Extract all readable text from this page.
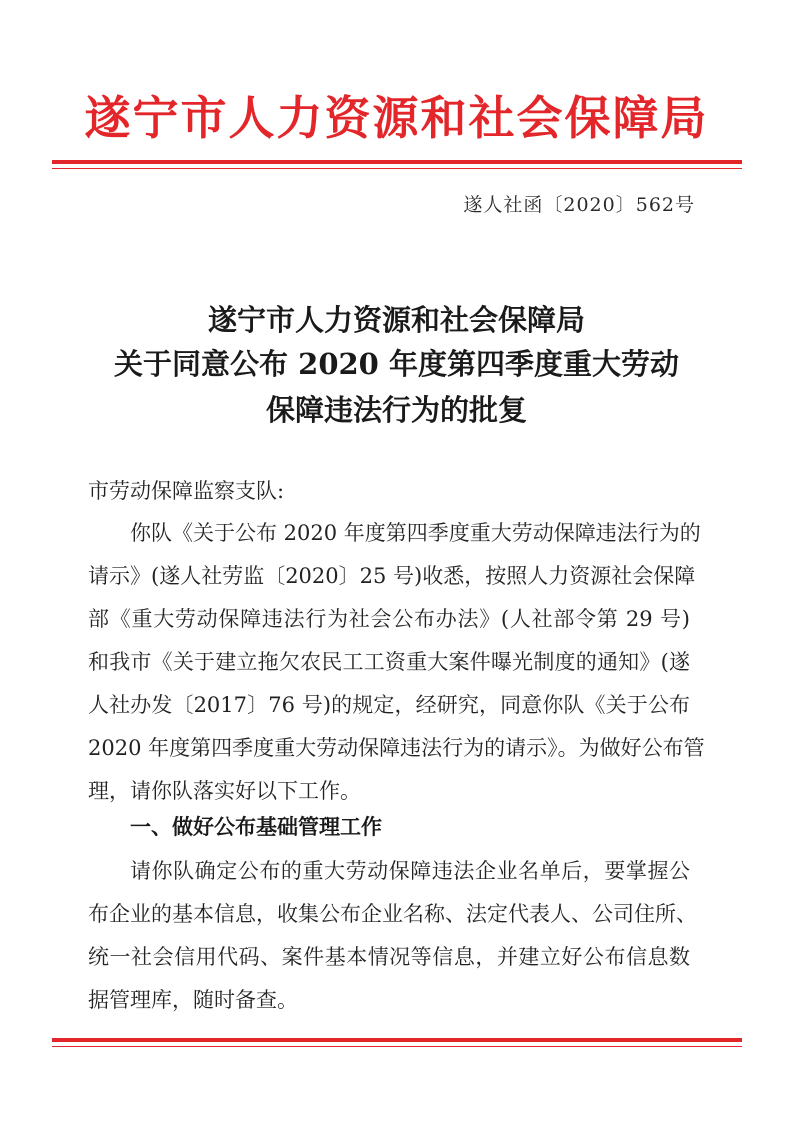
遂宁市人力资源和社会保障局
遂人社函〔2020〕562号
遂宁市人力资源和社会保障局
关于同意公布 2020 年度第四季度重大劳动
保障违法行为的批复
市劳动保障监察支队:
你队《关于公布 2020 年度第四季度重大劳动保障违法行为的
请示》(遂人社劳监〔2020〕25 号)收悉，按照人力资源社会保障
部《重大劳动保障违法行为社会公布办法》(人社部令第 29 号)
和我市《关于建立拖欠农民工工资重大案件曝光制度的通知》(遂
人社办发〔2017〕76 号)的规定，经研究，同意你队《关于公布
2020 年度第四季度重大劳动保障违法行为的请示》。为做好公布管
理，请你队落实好以下工作。
一、做好公布基础管理工作
请你队确定公布的重大劳动保障违法企业名单后，要掌握公
布企业的基本信息，收集公布企业名称、法定代表人、公司住所、
统一社会信用代码、案件基本情况等信息，并建立好公布信息数
据管理库，随时备查。
